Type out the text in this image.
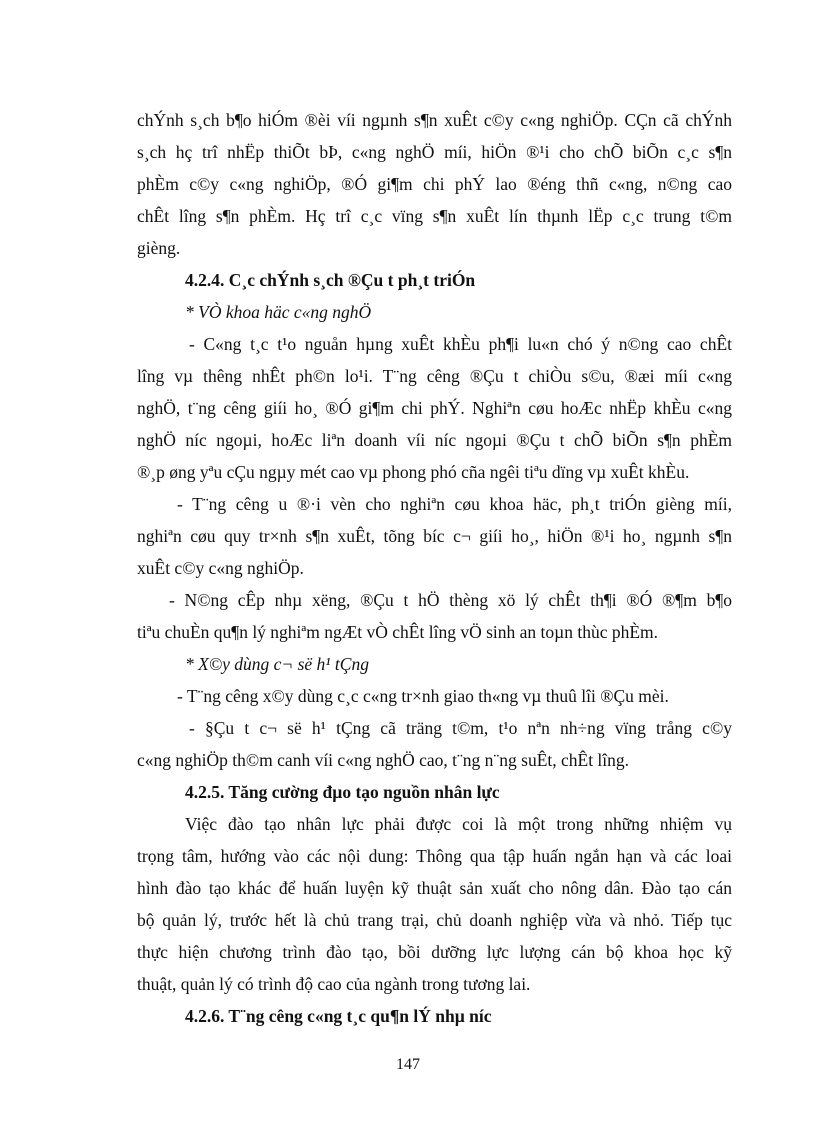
chÝnh s¸ch b¶o hiÓm ®èi víi ngµnh s¶n xuÊt c©y c«ng nghiÖp. CÇn cã chÝnh
s¸ch hç trî nhËp thiÕt bÞ, c«ng nghÖ míi, hiÖn ®¹i cho chÕ biÕn c¸c s¶n
phÈm c©y c«ng nghiÖp, ®Ó gi¶m chi phÝ lao ®éng thñ c«ng, n©ng cao
chÊt lîng s¶n phÈm. Hç trî c¸c vïng s¶n xuÊt lín thµnh lËp c¸c trung t©m
gièng.
4.2.4. C¸c chÝnh s¸ch ®Çu t ph¸t triÓn
* VÒ khoa häc c«ng nghÖ
- C«ng t¸c t¹o nguån hµng xuÊt khÈu ph¶i lu«n chó ý n©ng cao chÊt
lîng vµ thêng nhÊt ph©n lo¹i. T¨ng cêng ®Çu t chiÒu s©u, ®æi míi c«ng
nghÖ, t¨ng cêng giíi ho¸ ®Ó gi¶m chi phÝ. Nghiªn cøu hoÆc nhËp khÈu c«ng
nghÖ níc ngoµi, hoÆc liªn doanh víi níc ngoµi ®Çu t chÕ biÕn s¶n phÈm
®¸p øng yªu cÇu ngµy mét cao vµ phong phó cña ngêi tiªu dïng vµ xuÊt khÈu.
- T¨ng cêng u ®·i vèn cho nghiªn cøu khoa häc, ph¸t triÓn gièng míi,
nghiªn cøu quy tr×nh s¶n xuÊt, tõng bíc c¬ giíi ho¸, hiÖn ®¹i ho¸ ngµnh s¶n
xuÊt c©y c«ng nghiÖp.
- N©ng cÊp nhµ xëng, ®Çu t hÖ thèng xö lý chÊt th¶i ®Ó ®¶m b¶o
tiªu chuÈn qu¶n lý nghiªm ngÆt vÒ chÊt lîng vÖ sinh an toµn thùc phÈm.
* X©y dùng c¬ së h¹ tÇng
- T¨ng cêng x©y dùng c¸c c«ng tr×nh giao th«ng vµ thuû lîi ®Çu mèi.
- §Çu t c¬ së h¹ tÇng cã träng t©m, t¹o nªn nh÷ng vïng trång c©y
c«ng nghiÖp th©m canh víi c«ng nghÖ cao, t¨ng n¨ng suÊt, chÊt lîng.
4.2.5. Tăng cường đµo tạo nguồn nhân lực
Việc đào tạo nhân lực phải được coi là một trong những nhiệm vụ
trọng tâm, hướng vào các nội dung: Thông qua tập huấn ngắn hạn và các loai
hình đào tạo khác để huấn luyện kỹ thuật sản xuất cho nông dân. Đào tạo cán
bộ quản lý, trước hết là chủ trang trại, chủ doanh nghiệp vừa và nhỏ. Tiếp tục
thực hiện chương trình đào tạo, bồi dưỡng lực lượng cán bộ khoa học kỹ
thuật, quản lý có trình độ cao của ngành trong tương lai.
4.2.6. T¨ng cêng c«ng t¸c qu¶n lÝ nhµ níc
147
